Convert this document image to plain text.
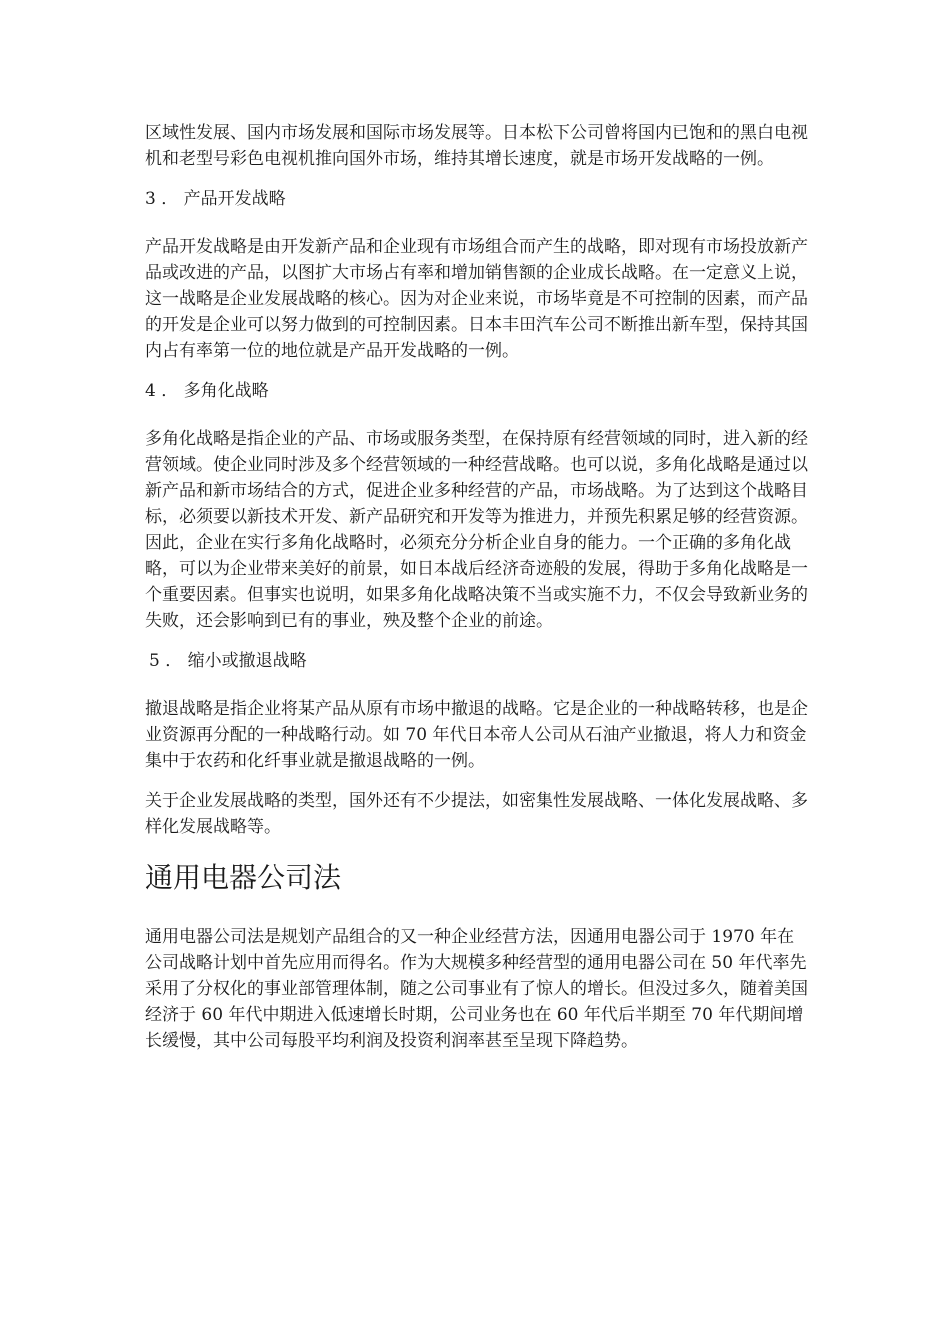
区域性发展、国内市场发展和国际市场发展等。日本松下公司曾将国内已饱和的黑白电视机和老型号彩色电视机推向国外市场，维持其增长速度，就是市场开发战略的一例。

3 ． 产品开发战略

产品开发战略是由开发新产品和企业现有市场组合而产生的战略，即对现有市场投放新产品或改进的产品，以图扩大市场占有率和增加销售额的企业成长战略。在一定意义上说，这一战略是企业发展战略的核心。因为对企业来说，市场毕竟是不可控制的因素，而产品的开发是企业可以努力做到的可控制因素。日本丰田汽车公司不断推出新车型，保持其国内占有率第一位的地位就是产品开发战略的一例。

4 ． 多角化战略

多角化战略是指企业的产品、市场或服务类型，在保持原有经营领域的同时，进入新的经营领域。使企业同时涉及多个经营领域的一种经营战略。也可以说，多角化战略是通过以新产品和新市场结合的方式，促进企业多种经营的产品，市场战略。为了达到这个战略目标，必须要以新技术开发、新产品研究和开发等为推进力，并预先积累足够的经营资源。因此，企业在实行多角化战略时，必须充分分析企业自身的能力。一个正确的多角化战略，可以为企业带来美好的前景，如日本战后经济奇迹般的发展，得助于多角化战略是一个重要因素。但事实也说明，如果多角化战略决策不当或实施不力，不仅会导致新业务的失败，还会影响到已有的事业，殃及整个企业的前途。

5 ． 缩小或撤退战略

撤退战略是指企业将某产品从原有市场中撤退的战略。它是企业的一种战略转移，也是企业资源再分配的一种战略行动。如 70 年代日本帝人公司从石油产业撤退，将人力和资金集中于农药和化纤事业就是撤退战略的一例。

关于企业发展战略的类型，国外还有不少提法，如密集性发展战略、一体化发展战略、多样化发展战略等。

通用电器公司法

通用电器公司法是规划产品组合的又一种企业经营方法，因通用电器公司于 1970 年在公司战略计划中首先应用而得名。作为大规模多种经营型的通用电器公司在 50 年代率先采用了分权化的事业部管理体制，随之公司事业有了惊人的增长。但没过多久，随着美国经济于 60 年代中期进入低速增长时期，公司业务也在 60 年代后半期至 70 年代期间增长缓慢，其中公司每股平均利润及投资利润率甚至呈现下降趋势。
